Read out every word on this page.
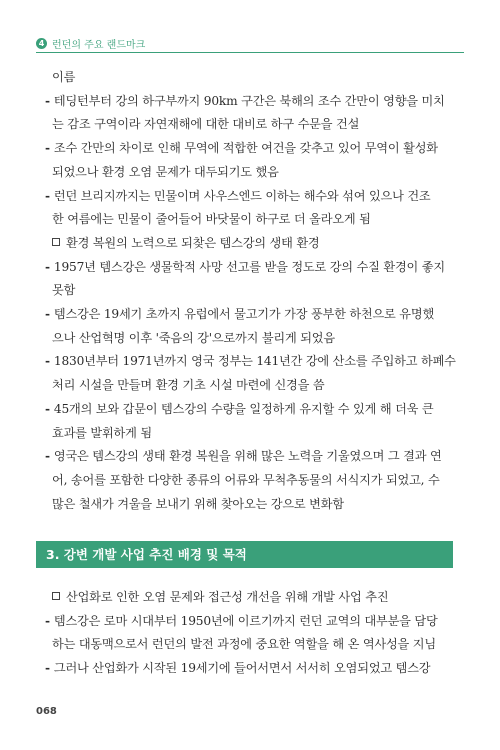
4 런던의 주요 랜드마크
이름
- 테딩턴부터 강의 하구부까지 90km 구간은 북해의 조수 간만이 영향을 미치
는 감조 구역이라 자연재해에 대한 대비로 하구 수문을 건설
- 조수 간만의 차이로 인해 무역에 적합한 여건을 갖추고 있어 무역이 활성화
되었으나 환경 오염 문제가 대두되기도 했음
- 런던 브리지까지는 민물이며 사우스엔드 이하는 해수와 섞여 있으나 건조
한 여름에는 민물이 줄어들어 바닷물이 하구로 더 올라오게 됨
환경 복원의 노력으로 되찾은 템스강의 생태 환경
- 1957년 템스강은 생물학적 사망 선고를 받을 정도로 강의 수질 환경이 좋지
못함
- 템스강은 19세기 초까지 유럽에서 물고기가 가장 풍부한 하천으로 유명했
으나 산업혁명 이후 '죽음의 강'으로까지 불리게 되었음
- 1830년부터 1971년까지 영국 정부는 141년간 강에 산소를 주입하고 하폐수
처리 시설을 만들며 환경 기초 시설 마련에 신경을 씀
- 45개의 보와 갑문이 템스강의 수량을 일정하게 유지할 수 있게 해 더욱 큰
효과를 발휘하게 됨
- 영국은 템스강의 생태 환경 복원을 위해 많은 노력을 기울였으며 그 결과 연
어, 송어를 포함한 다양한 종류의 어류와 무척추동물의 서식지가 되었고, 수
많은 철새가 겨울을 보내기 위해 찾아오는 강으로 변화함
3. 강변 개발 사업 추진 배경 및 목적
산업화로 인한 오염 문제와 접근성 개선을 위해 개발 사업 추진
- 템스강은 로마 시대부터 1950년에 이르기까지 런던 교역의 대부분을 담당
하는 대동맥으로서 런던의 발전 과정에 중요한 역할을 해 온 역사성을 지님
- 그러나 산업화가 시작된 19세기에 들어서면서 서서히 오염되었고 템스강
068
